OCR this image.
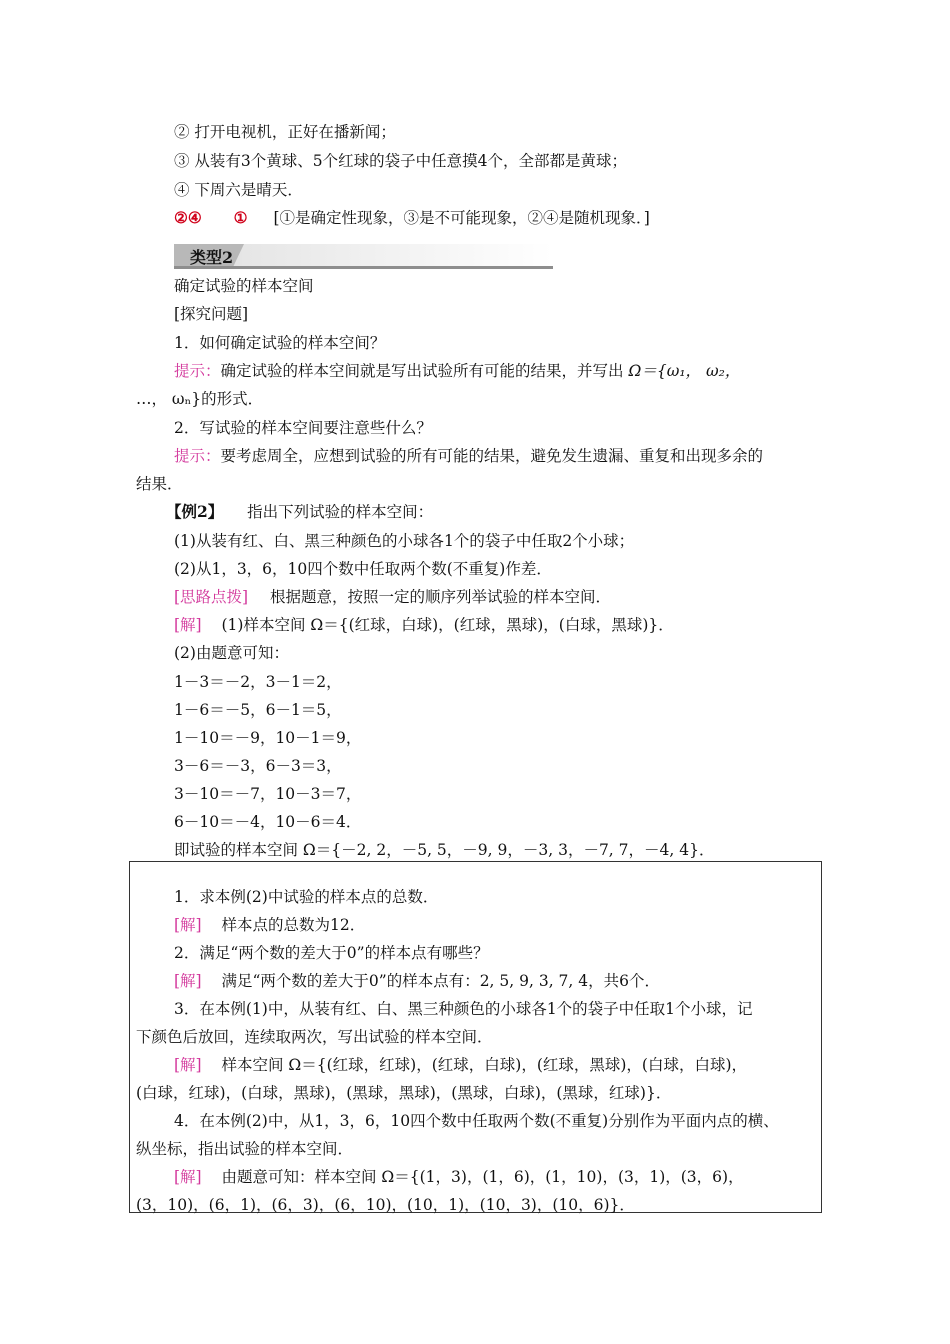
② 打开电视机，正好在播新闻；
③ 从装有3个黄球、5个红球的袋子中任意摸4个，全部都是黄球；
④ 下周六是晴天．
②④ ① [①是确定性现象，③是不可能现象，②④是随机现象．]
类型2
确定试验的样本空间
[探究问题]
1．如何确定试验的样本空间？
提示：确定试验的样本空间就是写出试验所有可能的结果，并写出 Ω＝{ω₁， ω₂，
…， ωₙ}的形式．
2．写试验的样本空间要注意些什么？
提示：要考虑周全，应想到试验的所有可能的结果，避免发生遗漏、重复和出现多余的
结果．
【例2】 指出下列试验的样本空间：
(1)从装有红、白、黑三种颜色的小球各1个的袋子中任取2个小球；
(2)从1，3，6，10四个数中任取两个数(不重复)作差．
[思路点拨] 根据题意，按照一定的顺序列举试验的样本空间．
[解] (1)样本空间 Ω＝{(红球，白球)，(红球，黑球)，(白球，黑球)}．
(2)由题意可知：
1－3＝－2，3－1＝2，
1－6＝－5，6－1＝5，
1－10＝－9，10－1＝9，
3－6＝－3，6－3＝3，
3－10＝－7，10－3＝7，
6－10＝－4，10－6＝4．
即试验的样本空间 Ω＝{－2, 2，－5, 5，－9, 9，－3, 3，－7, 7，－4, 4}．
1．求本例(2)中试验的样本点的总数．
[解] 样本点的总数为12．
2．满足“两个数的差大于0”的样本点有哪些？
[解] 满足“两个数的差大于0”的样本点有：2, 5, 9, 3, 7, 4，共6个．
3．在本例(1)中，从装有红、白、黑三种颜色的小球各1个的袋子中任取1个小球，记
下颜色后放回，连续取两次，写出试验的样本空间．
[解] 样本空间 Ω＝{(红球，红球)，(红球，白球)，(红球，黑球)，(白球，白球)，
(白球，红球)，(白球，黑球)，(黑球，黑球)，(黑球，白球)，(黑球，红球)}．
4．在本例(2)中，从1，3，6，10四个数中任取两个数(不重复)分别作为平面内点的横、
纵坐标，指出试验的样本空间．
[解] 由题意可知：样本空间 Ω＝{(1，3)，(1，6)，(1，10)，(3，1)，(3，6)，
(3，10)，(6，1)，(6，3)，(6，10)，(10，1)，(10，3)，(10，6)}．
